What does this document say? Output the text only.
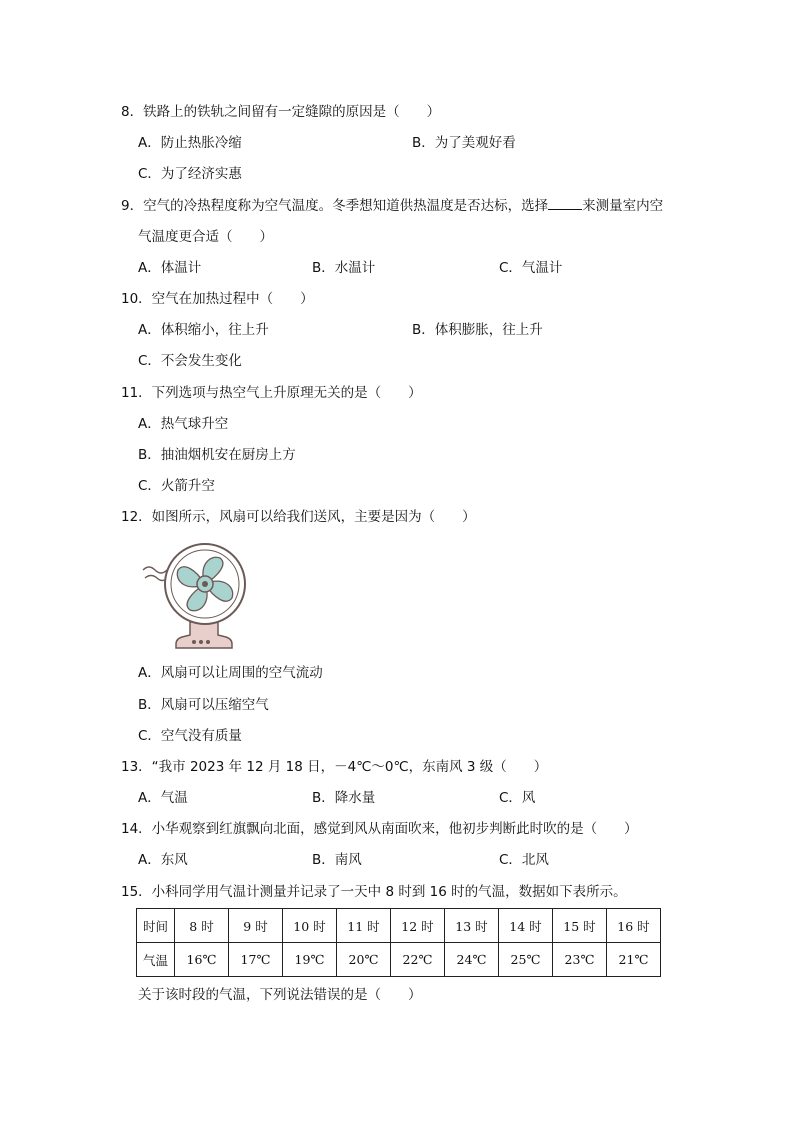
8．铁路上的铁轨之间留有一定缝隙的原因是（　　）
A．防止热胀冷缩	B．为了美观好看
C．为了经济实惠
9．空气的冷热程度称为空气温度。冬季想知道供热温度是否达标，选择	来测量室内空
气温度更合适（　　）
A．体温计	B．水温计	C．气温计
10．空气在加热过程中（　　）
A．体积缩小，往上升	B．体积膨胀，往上升
C．不会发生变化
11．下列选项与热空气上升原理无关的是（　　）
A．热气球升空
B．抽油烟机安在厨房上方
C．火箭升空
12．如图所示，风扇可以给我们送风，主要是因为（　　）
A．风扇可以让周围的空气流动
B．风扇可以压缩空气
C．空气没有质量
13．“我市 2023 年 12 月 18 日，－4℃～0℃，东南风 3 级（　　）
A．气温	B．降水量	C．风
14．小华观察到红旗飘向北面，感觉到风从南面吹来，他初步判断此时吹的是（　　）
A．东风	B．南风	C．北风
15．小科同学用气温计测量并记录了一天中 8 时到 16 时的气温，数据如下表所示。
时间	8 时	9 时	10 时	11 时	12 时	13 时	14 时	15 时	16 时
气温	16℃	17℃	19℃	20℃	22℃	24℃	25℃	23℃	21℃
关于该时段的气温，下列说法错误的是（　　）
